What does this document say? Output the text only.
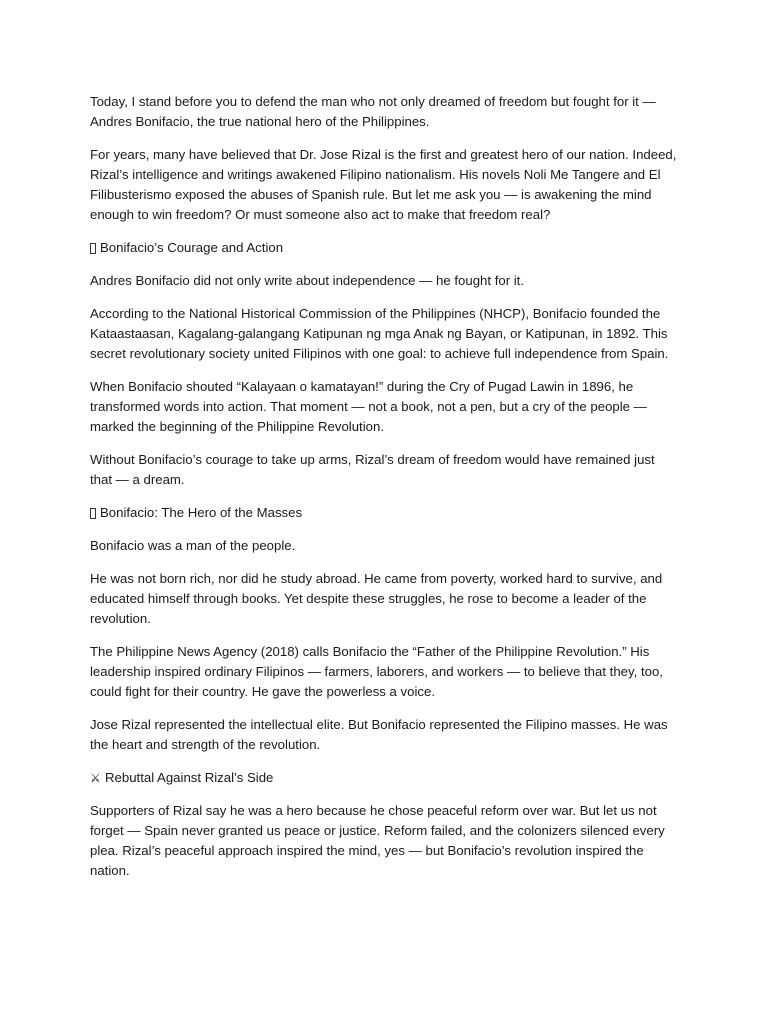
Today, I stand before you to defend the man who not only dreamed of freedom but fought for it — Andres Bonifacio, the true national hero of the Philippines.

For years, many have believed that Dr. Jose Rizal is the first and greatest hero of our nation. Indeed, Rizal’s intelligence and writings awakened Filipino nationalism. His novels Noli Me Tangere and El Filibusterismo exposed the abuses of Spanish rule. But let me ask you — is awakening the mind enough to win freedom? Or must someone also act to make that freedom real?

Bonifacio’s Courage and Action

Andres Bonifacio did not only write about independence — he fought for it.

According to the National Historical Commission of the Philippines (NHCP), Bonifacio founded the Kataastaasan, Kagalang-galangang Katipunan ng mga Anak ng Bayan, or Katipunan, in 1892. This secret revolutionary society united Filipinos with one goal: to achieve full independence from Spain.

When Bonifacio shouted “Kalayaan o kamatayan!” during the Cry of Pugad Lawin in 1896, he transformed words into action. That moment — not a book, not a pen, but a cry of the people — marked the beginning of the Philippine Revolution.

Without Bonifacio’s courage to take up arms, Rizal’s dream of freedom would have remained just that — a dream.

Bonifacio: The Hero of the Masses

Bonifacio was a man of the people.

He was not born rich, nor did he study abroad. He came from poverty, worked hard to survive, and educated himself through books. Yet despite these struggles, he rose to become a leader of the revolution.

The Philippine News Agency (2018) calls Bonifacio the “Father of the Philippine Revolution.” His leadership inspired ordinary Filipinos — farmers, laborers, and workers — to believe that they, too, could fight for their country. He gave the powerless a voice.

Jose Rizal represented the intellectual elite. But Bonifacio represented the Filipino masses. He was the heart and strength of the revolution.

⚔ Rebuttal Against Rizal’s Side

Supporters of Rizal say he was a hero because he chose peaceful reform over war. But let us not forget — Spain never granted us peace or justice. Reform failed, and the colonizers silenced every plea. Rizal’s peaceful approach inspired the mind, yes — but Bonifacio’s revolution inspired the nation.
